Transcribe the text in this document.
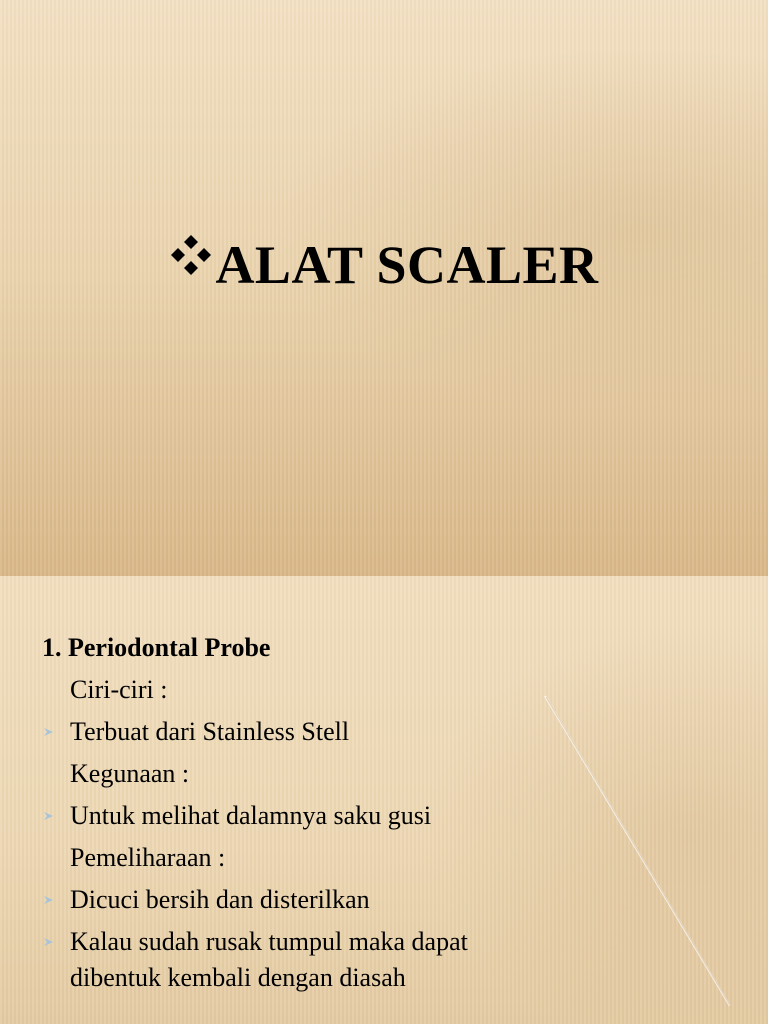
ALAT SCALER
1. Periodontal Probe
Ciri-ciri :
Terbuat dari Stainless Stell
Kegunaan :
Untuk melihat dalamnya saku gusi
Pemeliharaan :
Dicuci bersih dan disterilkan
Kalau sudah rusak tumpul maka dapat dibentuk kembali dengan diasah
